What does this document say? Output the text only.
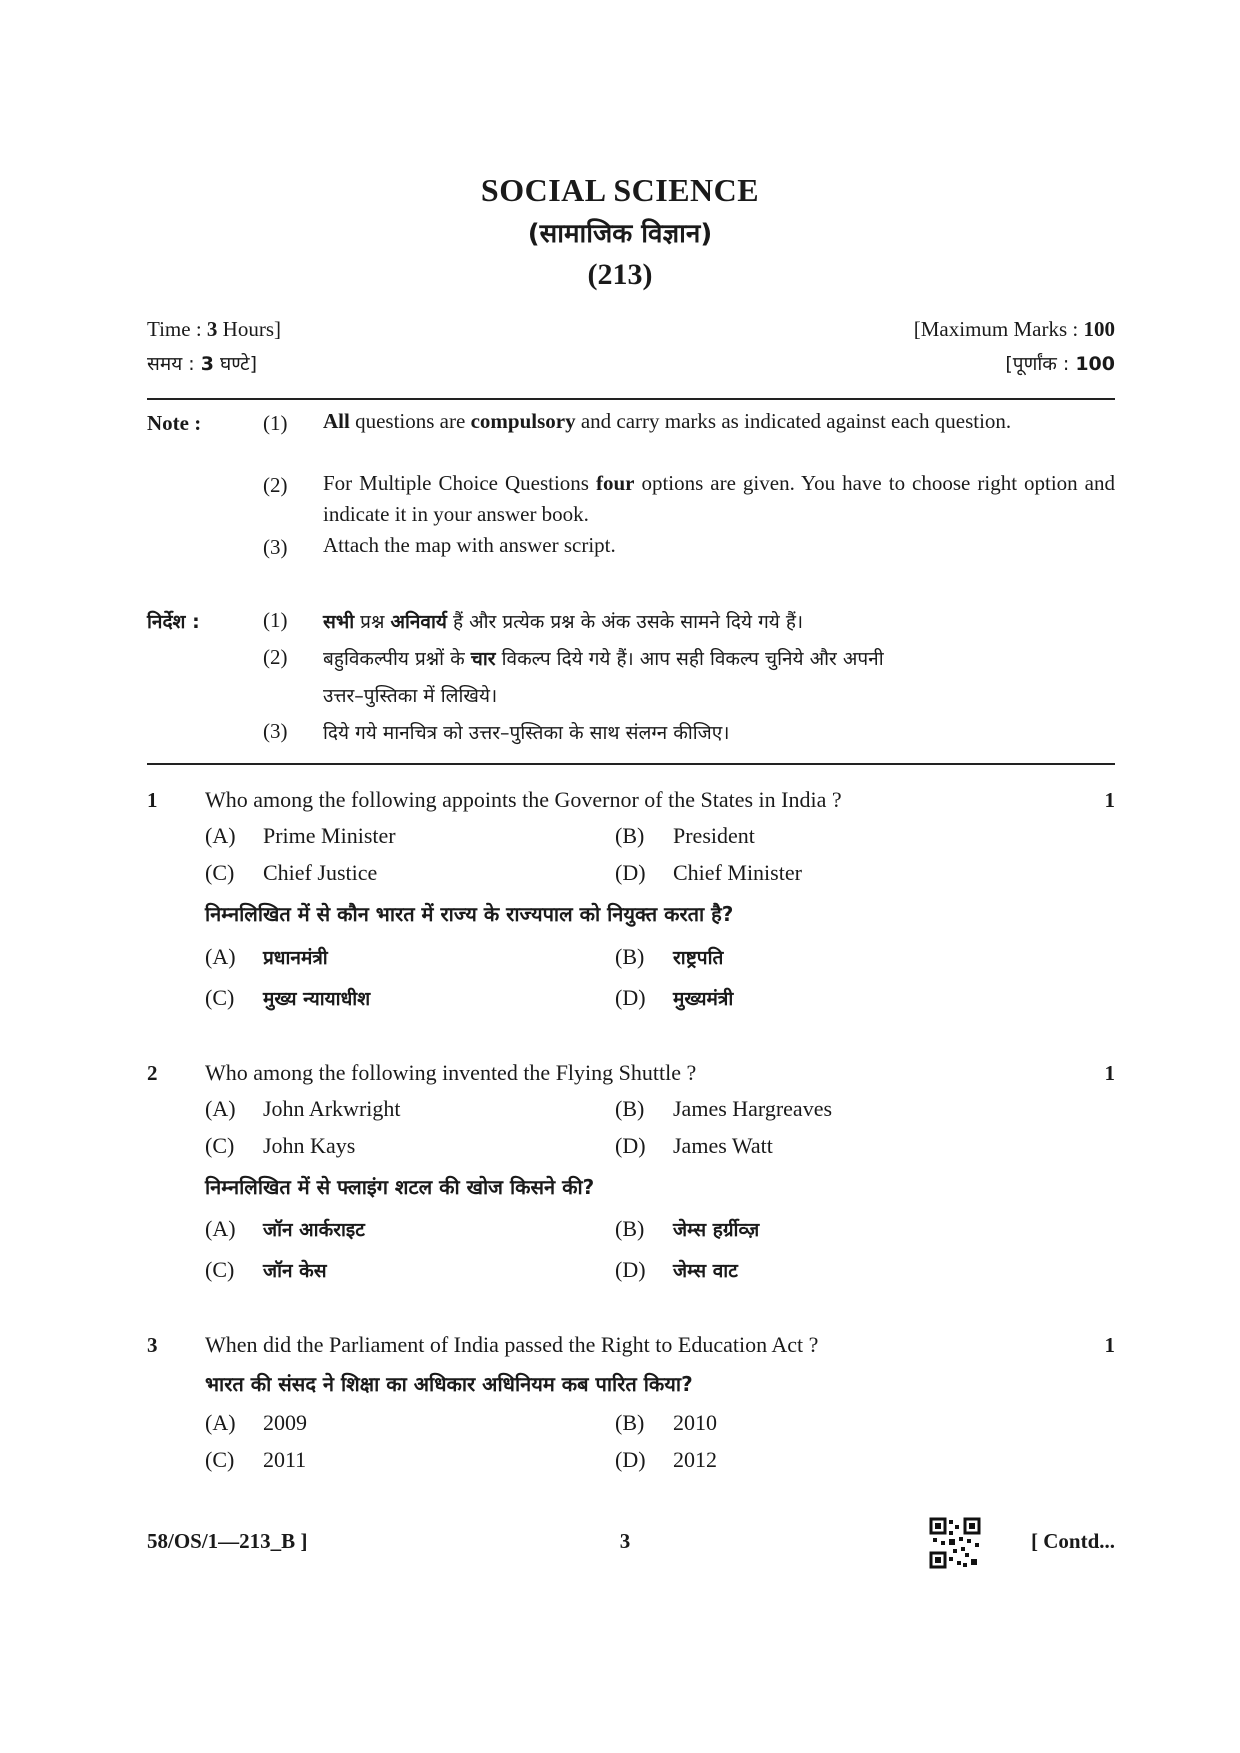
SOCIAL SCIENCE
(सामाजिक विज्ञान)
(213)
Time : 3 Hours]	[Maximum Marks : 100
समय : 3 घण्टे]	[पूर्णांक : 100
Note :	(1) All questions are compulsory and carry marks as indicated against each question.
(2) For Multiple Choice Questions four options are given. You have to choose right option and indicate it in your answer book.
(3) Attach the map with answer script.
निर्देश :	(1) सभी प्रश्न अनिवार्य हैं और प्रत्येक प्रश्न के अंक उसके सामने दिये गये हैं।
(2) बहुविकल्पीय प्रश्नों के चार विकल्प दिये गये हैं। आप सही विकल्प चुनिये और अपनी
उत्तर–पुस्तिका में लिखिये।
(3) दिये गये मानचित्र को उत्तर–पुस्तिका के साथ संलग्न कीजिए।
1 Who among the following appoints the Governor of the States in India ?	1
(A) Prime Minister	(B) President
(C) Chief Justice	(D) Chief Minister
निम्नलिखित में से कौन भारत में राज्य के राज्यपाल को नियुक्त करता है?
(A) प्रधानमंत्री	(B) राष्ट्रपति
(C) मुख्य न्यायाधीश	(D) मुख्यमंत्री
2 Who among the following invented the Flying Shuttle ?	1
(A) John Arkwright	(B) James Hargreaves
(C) John Kays	(D) James Watt
निम्नलिखित में से फ्लाइंग शटल की खोज किसने की?
(A) जॉन आर्कराइट	(B) जेम्स हर्ग्रीव्ज़
(C) जॉन केस	(D) जेम्स वाट
3 When did the Parliament of India passed the Right to Education Act ?	1
भारत की संसद ने शिक्षा का अधिकार अधिनियम कब पारित किया?
(A) 2009	(B) 2010
(C) 2011	(D) 2012
58/OS/1—213_B ]	3	[ Contd...
